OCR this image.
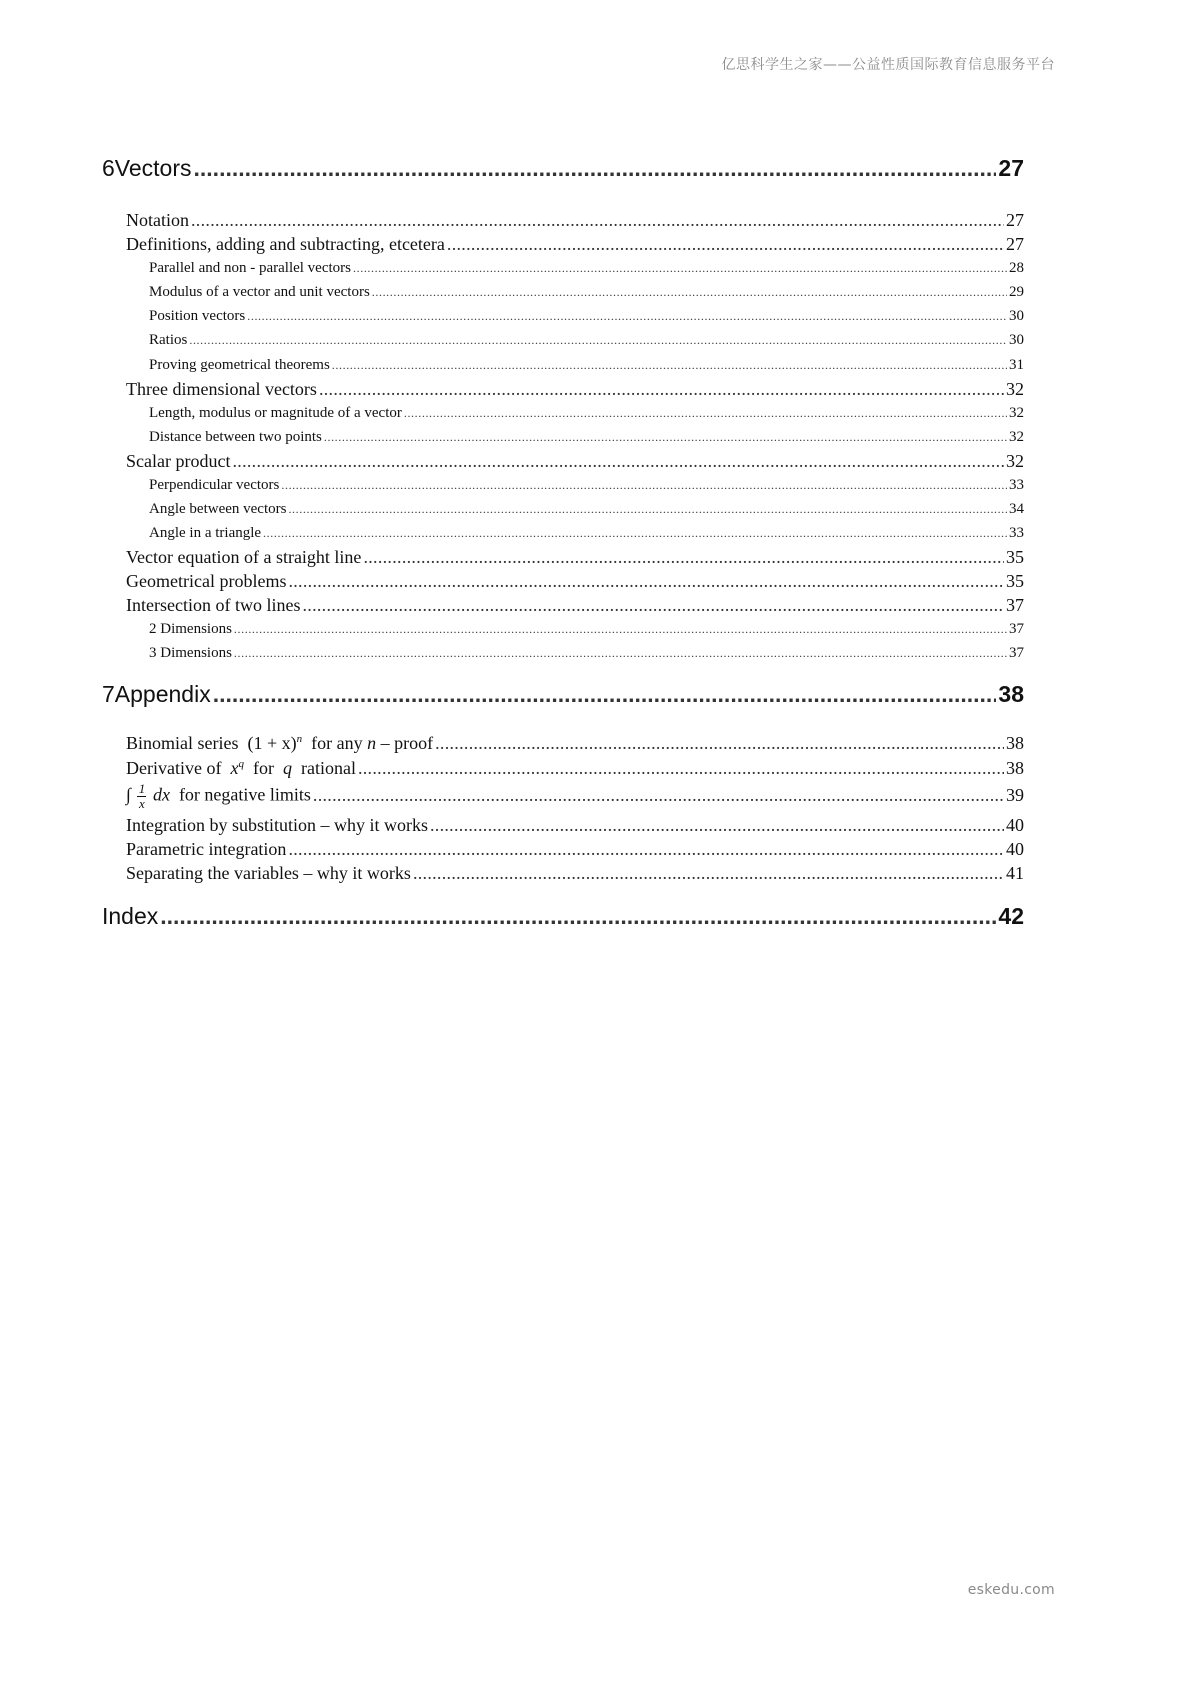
亿思科学生之家——公益性质国际教育信息服务平台
6 Vectors .....	27
Notation .....	27
Definitions, adding and subtracting, etcetera .....	27
Parallel and non - parallel vectors .....	28
Modulus of a vector and unit vectors .....	29
Position vectors .....	30
Ratios .....	30
Proving geometrical theorems .....	31
Three dimensional vectors .....	32
Length, modulus or magnitude of a vector .....	32
Distance between two points .....	32
Scalar product .....	32
Perpendicular vectors .....	33
Angle between vectors .....	34
Angle in a triangle .....	33
Vector equation of a straight line .....	35
Geometrical problems .....	35
Intersection of two lines .....	37
2 Dimensions .....	37
3 Dimensions .....	37
7 Appendix .....	38
Binomial series $(1 + x)^n$ for any n – proof .....	38
Derivative of $x^q$ for q rational .....	38
∫ $\frac{1}{x}$ dx for negative limits .....	39
Integration by substitution – why it works .....	40
Parametric integration .....	40
Separating the variables – why it works .....	41
Index .....	42
eskedu.com
